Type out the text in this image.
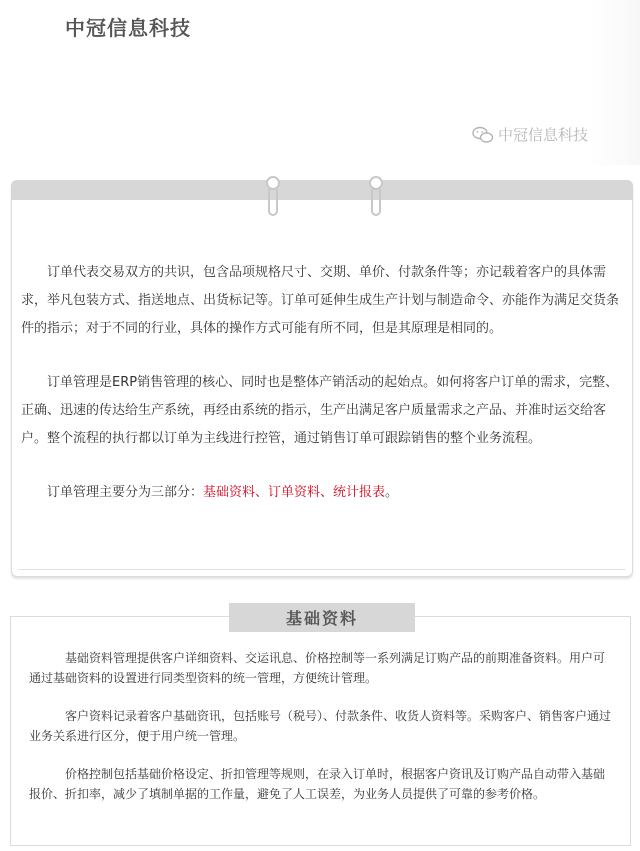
中冠信息科技
中冠信息科技

订单代表交易双方的共识，包含品项规格尺寸、交期、单价、付款条件等；亦记载着客户的具体需求，举凡包装方式、指送地点、出货标记等。订单可延伸生成生产计划与制造命令、亦能作为满足交货条件的指示；对于不同的行业，具体的操作方式可能有所不同，但是其原理是相同的。

订单管理是ERP销售管理的核心、同时也是整体产销活动的起始点。如何将客户订单的需求，完整、正确、迅速的传达给生产系统，再经由系统的指示，生产出满足客户质量需求之产品、并准时运交给客户。整个流程的执行都以订单为主线进行控管，通过销售订单可跟踪销售的整个业务流程。

订单管理主要分为三部分：基础资料、订单资料、统计报表。

基础资料

基础资料管理提供客户详细资料、交运讯息、价格控制等一系列满足订购产品的前期准备资料。用户可通过基础资料的设置进行同类型资料的统一管理，方便统计管理。

客户资料记录着客户基础资讯，包括账号（税号）、付款条件、收货人资料等。采购客户、销售客户通过业务关系进行区分，便于用户统一管理。

价格控制包括基础价格设定、折扣管理等规则，在录入订单时，根据客户资讯及订购产品自动带入基础报价、折扣率，减少了填制单据的工作量，避免了人工误差，为业务人员提供了可靠的参考价格。
